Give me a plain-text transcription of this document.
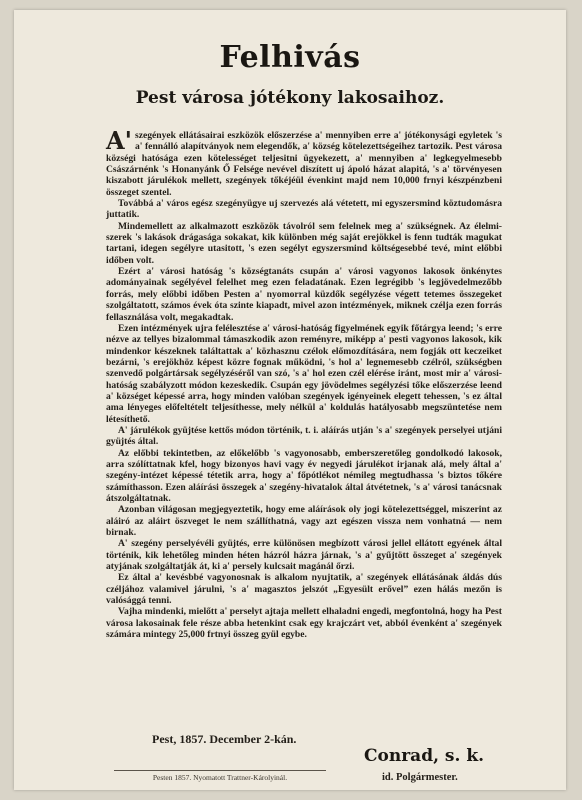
Felhivás
Pest városa jótékony lakosaihoz.

A' szegények ellátásairai eszközök előszerzése a' mennyiben erre a' jótékonysági egyletek 's a' fennálló alapítványok nem elegendők, a' község kötelezettségeihez tartozik. Pest városa községi hatósága ezen kötelességet teljesitni ügyekezett, a' mennyiben a' legkegyelmesebb Császárnénk 's Honanyánk Ő Felsége nevével diszített uj ápoló házat alapitá, 's a' törvényesen kiszabott járulékok mellett, szegények tőkéjéül évenkint majd nem 10,000 frnyi készpénzbeni összeget szentel.

Továbbá a' város egész szegényügye uj szervezés alá vétetett, mi egyszersmind köztudomásra juttatik.

Mindemellett az alkalmazott eszközök távolról sem felelnek meg a' szükségnek. Az élelmi-szerek 's lakások drágasága sokakat, kik különben még saját erejökkel is fenn tudták magukat tartani, idegen segélyre utasitott, 's ezen segélyt egyszersmind költségesebbé tevé, mint előbbi időben volt.

Ezért a' városi hatóság 's községtanáts csupán a' városi vagyonos lakosok önkénytes adományainak segélyével felelhet meg ezen feladatának. Ezen legrégibb 's legjövedelmezőbb forrás, mely előbbi időben Pesten a' nyomorral küzdők segélyzése végett tetemes összegeket szolgáltatott, számos évek óta szinte kiapadt, mivel azon intézmények, miknek czélja ezen forrás fellasználása volt, megakadtak.

Ezen intézmények ujra felélesztése a' városi-hatóság figyelmének egyik főtárgya leend; 's erre nézve az tellyes bizalommal támaszkodik azon reményre, miképp a' pesti vagyonos lakosok, kik mindenkor készeknek találtattak a' közhasznu czélok előmozdítására, nem fogják ott keczeiket bezárni, 's erejökhöz képest közre fognak működni, 's hol a' legnemesebb czélról, szükségben szenvedő polgártársak segélyzéséről van szó, 's a' hol ezen czél elérése iránt, most mir a' városi-hatóság szabályzott módon kezeskedik. Csupán egy jövödelmes segélyzési tőke előszerzése leend a' községet képessé arra, hogy minden valóban szegények igényeinek elegett tehessen, 's ez által ama lényeges előfeltételt teljesíthesse, mely nélkül a' koldulás hatályosabb megszüntetése nem létesíthető.

A' járulékok gyüjtése kettős módon történik, t. i. aláírás utján 's a' szegények perselyei utjáni gyüjtés által.

Az előbbi tekintetben, az előkelőbb 's vagyonosabb, emberszeretőleg gondolkodó lakosok, arra szólíttatnak kfel, hogy bizonyos havi vagy év negyedi járulékot irjanak alá, mely által a' szegény-intézet képessé tétetik arra, hogy a' főpótlékot némileg megtudhassa 's biztos tőkére számíthasson. Ezen aláírási összegek a' szegény-hivatalok által átvétetnek, 's a' városi tanácsnak átszolgáltatnak.

Azonban világosan megjegyeztetik, hogy eme aláírások oly jogi kötelezettséggel, miszerint az aláiró az aláirt öszveget le nem szállíthatná, vagy azt egészen vissza nem vonhatná — nem birnak.

A' szegény perselyévéli gyüjtés, erre különösen megbízott városi jellel ellátott egyének által történik, kik lehetőleg minden héten házról házra járnak, 's a' gyűjtött összeget a' szegények atyjának szolgáltatják át, ki a' persely kulcsait magánál őrzi.

Ez által a' kevésbbé vagyonosnak is alkalom nyujtatik, a' szegények ellátásának áldás dús czéljához valamivel járulni, 's a' magasztos jelszót „Egyesült erővel” ezen hálás mezőn is valósággá tenni.

Vajha mindenki, mielőtt a' perselyt ajtaja mellett elhaladni engedi, megfontolná, hogy ha Pest városa lakosainak fele része abba hetenkint csak egy krajczárt vet, abból évenként a' szegények számára mintegy 25,000 frtnyi összeg gyül egybe.

Pest, 1857. December 2-kán.
Conrad, s. k.
id. Polgármester.
Pesten 1857. Nyomatott Trattner-Károlyinál.
